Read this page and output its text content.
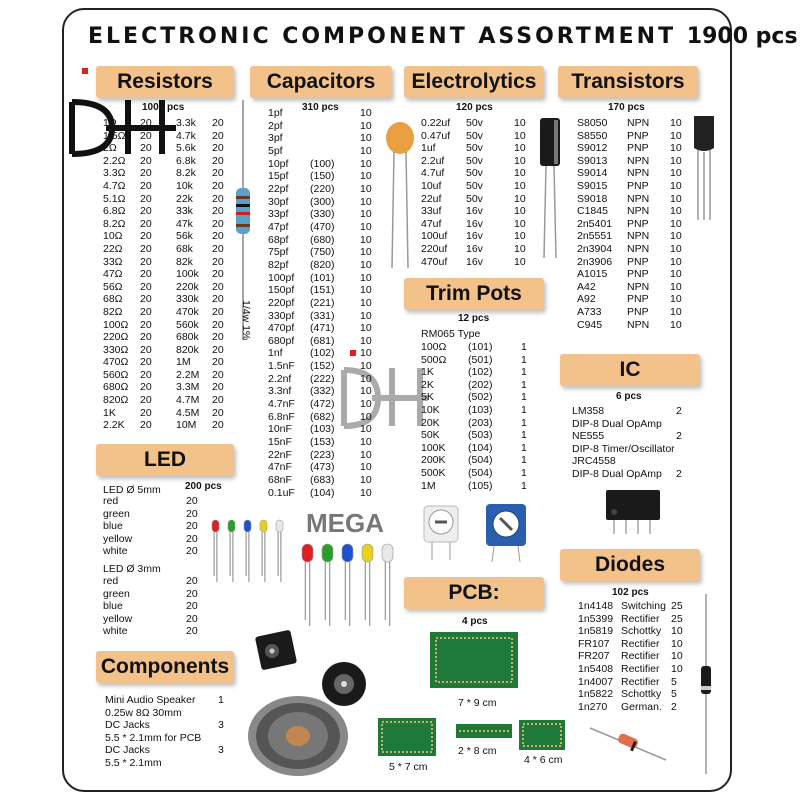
ELECTRONIC COMPONENT ASSORTMENT 1900 pcs
MEGA
Resistors
1000 pcs
1Ω
1.5Ω
2Ω
2.2Ω
3.3Ω
4.7Ω
5.1Ω
6.8Ω
8.2Ω
10Ω
22Ω
33Ω
47Ω
56Ω
68Ω
82Ω
100Ω
220Ω
330Ω
470Ω
560Ω
680Ω
820Ω
1K
2.2K
20
20
20
20
20
20
20
20
20
20
20
20
20
20
20
20
20
20
20
20
20
20
20
20
20
3.3k
4.7k
5.6k
6.8k
8.2k
10k
22k
33k
47k
56k
68k
82k
100k
220k
330k
470k
560k
680k
820k
1M
2.2M
3.3M
4.7M
4.5M
10M
20
20
20
20
20
20
20
20
20
20
20
20
20
20
20
20
20
20
20
20
20
20
20
20
20
1/4w 1%
Capacitors
310 pcs
1pf
2pf
3pf
5pf
10pf
15pf
22pf
30pf
33pf
47pf
68pf
75pf
82pf
100pf
150pf
220pf
330pf
470pf
680pf
1nf
1.5nF
2.2nf
3.3nf
4.7nF
6.8nF
10nF
15nF
22nF
47nF
68nF
0.1uF

(100)
(150)
(220)
(300)
(330)
(470)
(680)
(750)
(820)
(101)
(151)
(221)
(331)
(471)
(681)
(102)
(152)
(222)
(332)
(472)
(682)
(103)
(153)
(223)
(473)
(683)
(104)
10
10
10
10
10
10
10
10
10
10
10
10
10
10
10
10
10
10
10
10
10
10
10
10
10
10
10
10
10
10
10
Electrolytics
120 pcs
0.22uf
0.47uf
1uf
2.2uf
4.7uf
10uf
22uf
33uf
47uf
100uf
220uf
470uf
50v
50v
50v
50v
50v
50v
50v
16v
16v
16v
16v
16v
10
10
10
10
10
10
10
10
10
10
10
10
Transistors
170 pcs
S8050
S8550
S9012
S9013
S9014
S9015
S9018
C1845
2n5401
2n5551
2n3904
2n3906
A1015
A42
A92
A733
C945
NPN
PNP
PNP
NPN
NPN
PNP
NPN
NPN
PNP
NPN
NPN
PNP
PNP
NPN
PNP
PNP
NPN
10
10
10
10
10
10
10
10
10
10
10
10
10
10
10
10
10
Trim Pots
12 pcs
RM065 Type
100Ω
500Ω
1K
2K
5K
10K
20K
50K
100K
200K
500K
1M
(101)
(501)
(102)
(202)
(502)
(103)
(203)
(503)
(104)
(504)
(504)
(105)
1
1
1
1
1
1
1
1
1
1
1
1
IC
6 pcs
LM358
DIP-8 Dual OpAmp
NE555
DIP-8 Timer/Oscillator
JRC4558
DIP-8 Dual OpAmp
2

2

2
LED
LED Ø 5mm 200 pcs
red
green
blue
yellow
white
20
20
20
20
20
LED Ø 3mm
red
green
blue
yellow
white
20
20
20
20
20
Components
Mini Audio Speaker
0.25w 8Ω 30mm
DC Jacks
5.5 * 2.1mm for PCB
DC Jacks
5.5 * 2.1mm
1

3

3

PCB:
4 pcs
7 * 9 cm
5 * 7 cm
2 * 8 cm
4 * 6 cm
Diodes
102 pcs
1n4148
1n5399
1n5819
FR107
FR207
1n5408
1n4007
1n5822
1n270
Switching
Rectifier
Schottky
Rectifier
Rectifier
Rectifier
Rectifier
Schottky
German.
25
25
10
10
10
10
5
5
2
